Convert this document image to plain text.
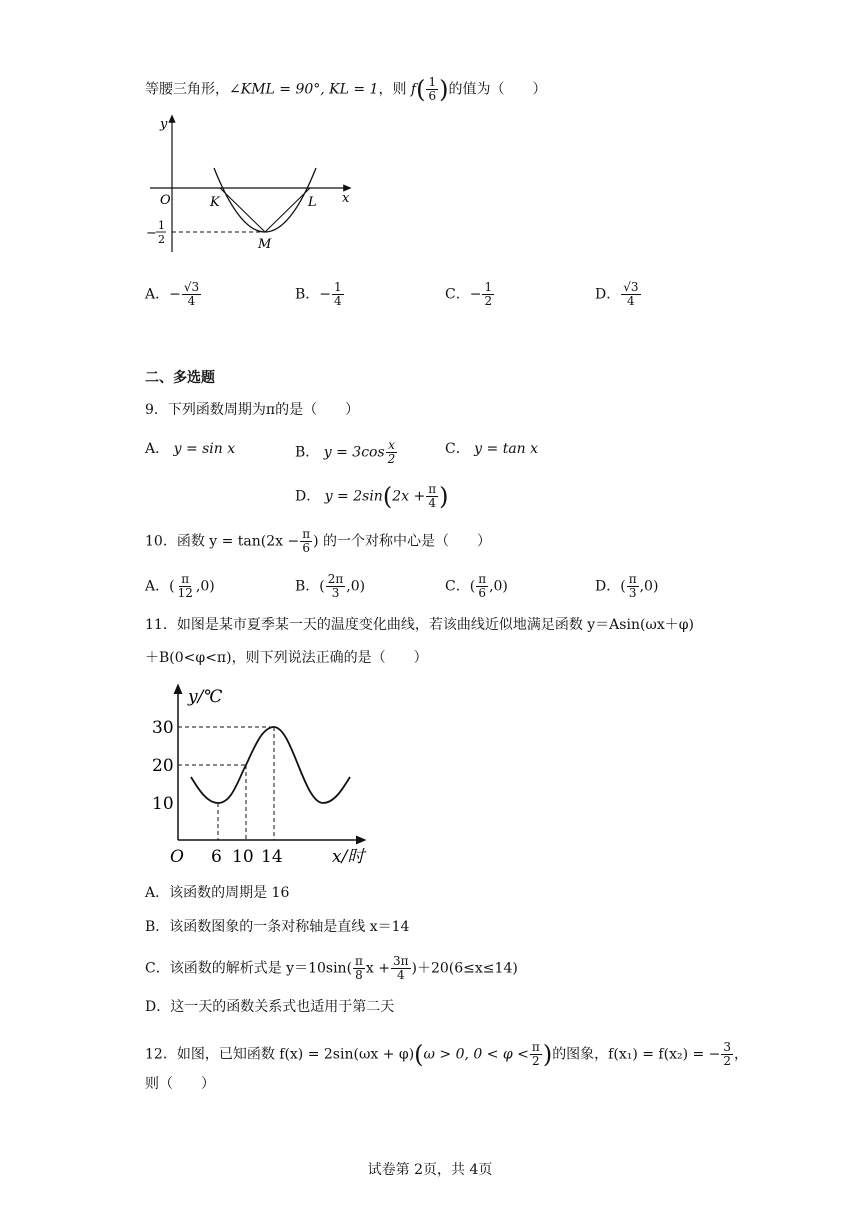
等腰三角形，∠KML = 90°, KL = 1，则 $f( \frac{1}{6}$ )的值为（　　）
y
x
O	K	L
M
−
1
2
A．− $\frac{√3}{4}$	B．− $\frac{1}{4}$	C．− $\frac{1}{2}$	D． $\frac{√3}{4}$
二、多选题
9．下列函数周期为π的是（　　）
A． y = sin x	B． $y = 3\cos \frac{x}{2}$	C． y = tan x
D． $y = 2\sin(2x + \frac{\pi}{4}$ )
10．函数 $y = \tan(2x - \frac{\pi}{6}$ ) 的一个对称中心是（　　）
A．( $\frac{\pi}{12} ,0$)	B．( $\frac{2\pi}{3} ,0$)	C．( $\frac{\pi}{6} ,0$)	D．( $\frac{\pi}{3} ,0$)
11．如图是某市夏季某一天的温度变化曲线，若该曲线近似地满足函数 y＝Asin(ωx＋φ)
＋B(0<φ<π)，则下列说法正确的是（　　）
y/℃
30
20
10
O 6 10 14	x/时
A．该函数的周期是 16
B．该函数图象的一条对称轴是直线 x＝14
C．该函数的解析式是 $y=10\sin( \frac{\pi}{8}$ $x + \frac{3\pi}{4} )+20(6\le x\le 14)$
D．这一天的函数关系式也适用于第二天
12．如图，已知函数 f(x) = 2sin(ωx + φ)(ω > 0, $0 < \varphi < \frac{\pi}{2}$ )的图象，f(x₁) = f(x₂) = − $\frac{3}{2}$ ，
则（　　）
试卷第 2页，共 4页
